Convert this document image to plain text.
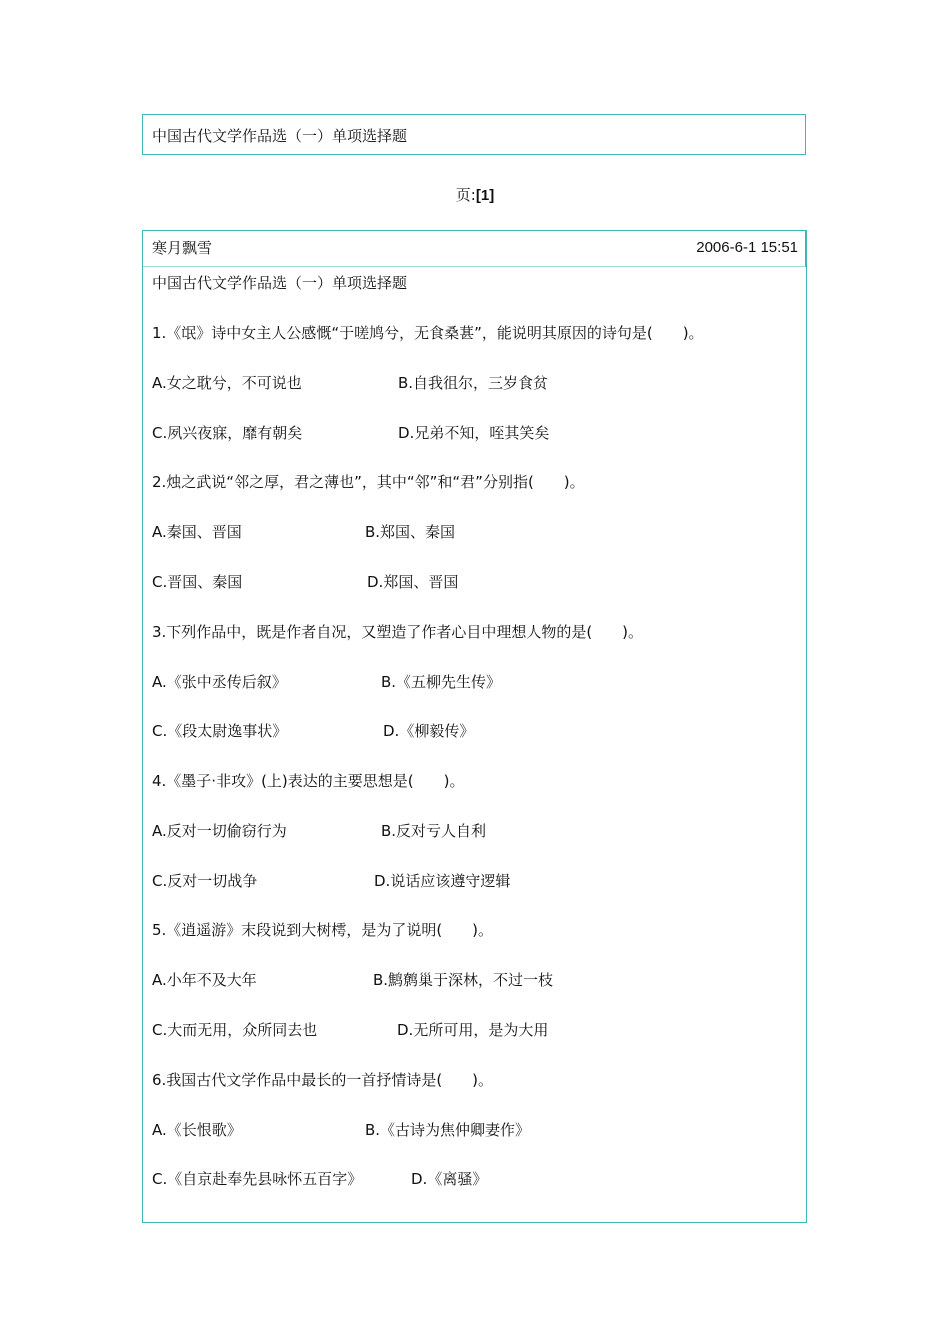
中国古代文学作品选（一）单项选择题
页:[1]
寒月飘雪	2006-6-1 15:51
中国古代文学作品选（一）单项选择题
1.《氓》诗中女主人公感慨“于嗟鸠兮，无食桑葚”，能说明其原因的诗句是(　　)。
A.女之耽兮，不可说也	B.自我徂尔，三岁食贫
C.夙兴夜寐，靡有朝矣	D.兄弟不知，咥其笑矣
2.烛之武说“邻之厚，君之薄也”，其中“邻”和“君”分别指(　　)。
A.秦国、晋国	B.郑国、秦国
C.晋国、秦国	D.郑国、晋国
3.下列作品中，既是作者自况，又塑造了作者心目中理想人物的是(　　)。
A.《张中丞传后叙》	B.《五柳先生传》
C.《段太尉逸事状》	D.《柳毅传》
4.《墨子·非攻》(上)表达的主要思想是(　　)。
A.反对一切偷窃行为	B.反对亏人自利
C.反对一切战争	D.说话应该遵守逻辑
5.《逍遥游》末段说到大树樗，是为了说明(　　)。
A.小年不及大年	B.鹪鹩巢于深林，不过一枝
C.大而无用，众所同去也	D.无所可用，是为大用
6.我国古代文学作品中最长的一首抒情诗是(　　)。
A.《长恨歌》	B.《古诗为焦仲卿妻作》
C.《自京赴奉先县咏怀五百字》	D.《离骚》
